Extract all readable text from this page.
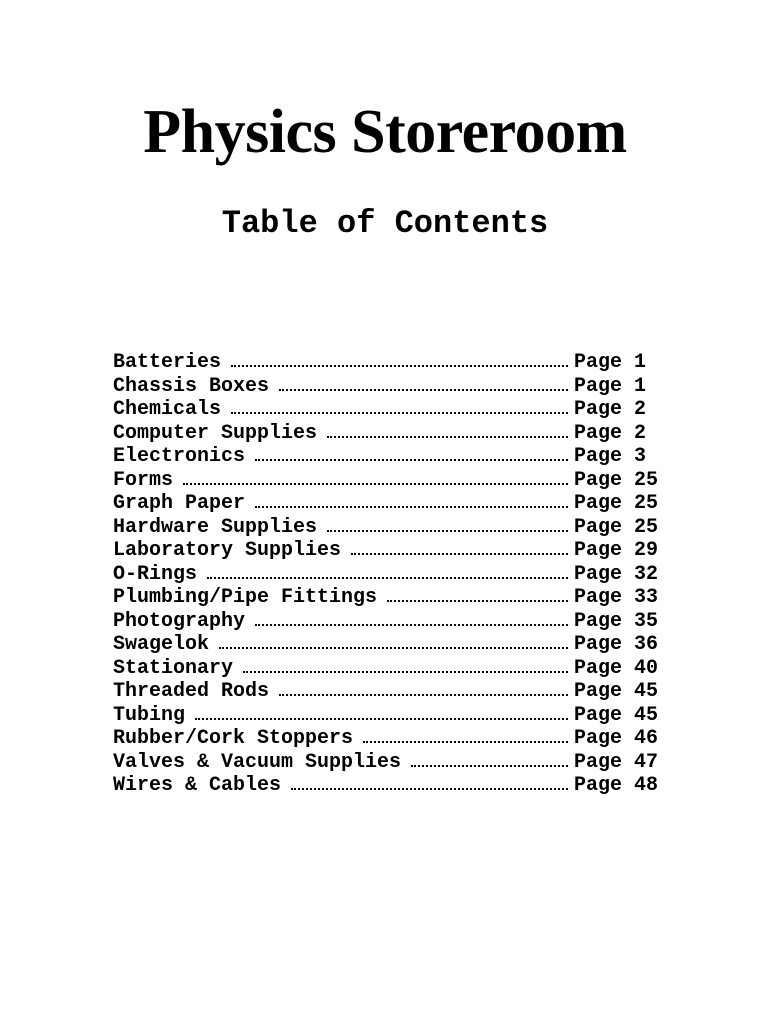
Physics Storeroom
Table of Contents
Batteries	Page 1
Chassis Boxes	Page 1
Chemicals	Page 2
Computer Supplies	Page 2
Electronics	Page 3
Forms	Page 25
Graph Paper	Page 25
Hardware Supplies	Page 25
Laboratory Supplies	Page 29
O-Rings	Page 32
Plumbing/Pipe Fittings	Page 33
Photography	Page 35
Swagelok	Page 36
Stationary	Page 40
Threaded Rods	Page 45
Tubing	Page 45
Rubber/Cork Stoppers	Page 46
Valves & Vacuum Supplies	Page 47
Wires & Cables	Page 48
